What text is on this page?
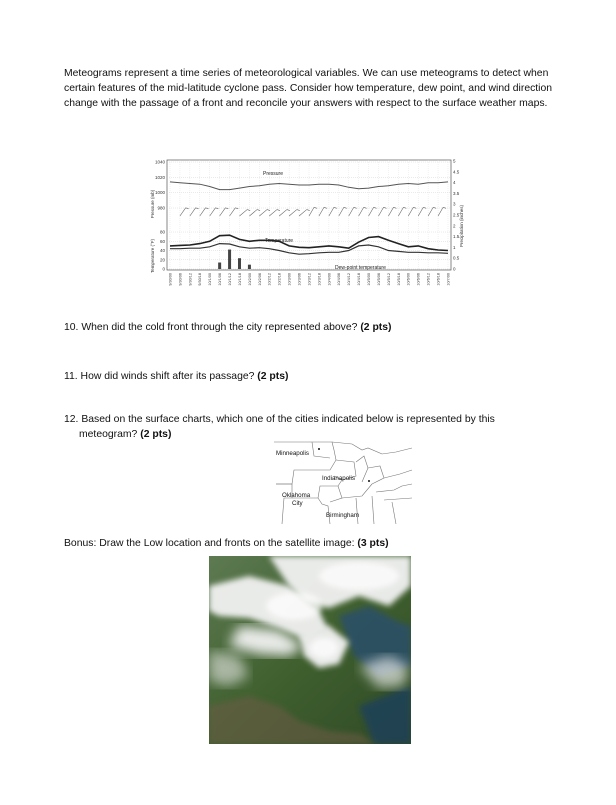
Meteograms represent a time series of meteorological variables. We can use meteograms to detect when certain features of the mid-latitude cyclone pass. Consider how temperature, dew point, and wind direction change with the passage of a front and reconcile your answers with respect to the surface weather maps.

Pressure (mb)
Temperature (°F)
Precipitation (inches)
1040
1020
1000
980
80
60
40
20
0
5
4.5
4
3.5
3
2.5
2
1.5
1
0.5
0
Pressure
Temperature
Dew-point temperature
9/30/00 9/30/06 9/30/12 9/30/18 10/1/00 10/1/06 10/1/12 10/1/18 10/2/00 10/2/06 10/2/12 10/2/18 10/3/00 10/3/06 10/3/12 10/3/18 10/4/00 10/4/06 10/4/12 10/4/18 10/5/00 10/5/06 10/5/12 10/5/18 10/6/00 10/6/06 10/6/12 10/6/18 10/7/00

10. When did the cold front through the city represented above? (2 pts)

11. How did winds shift after its passage? (2 pts)

12. Based on the surface charts, which one of the cities indicated below is represented by this
meteogram? (2 pts)

Minneapolis
Indianapolis
Oklahoma
City
Birmingham

Bonus: Draw the Low location and fronts on the satellite image: (3 pts)
